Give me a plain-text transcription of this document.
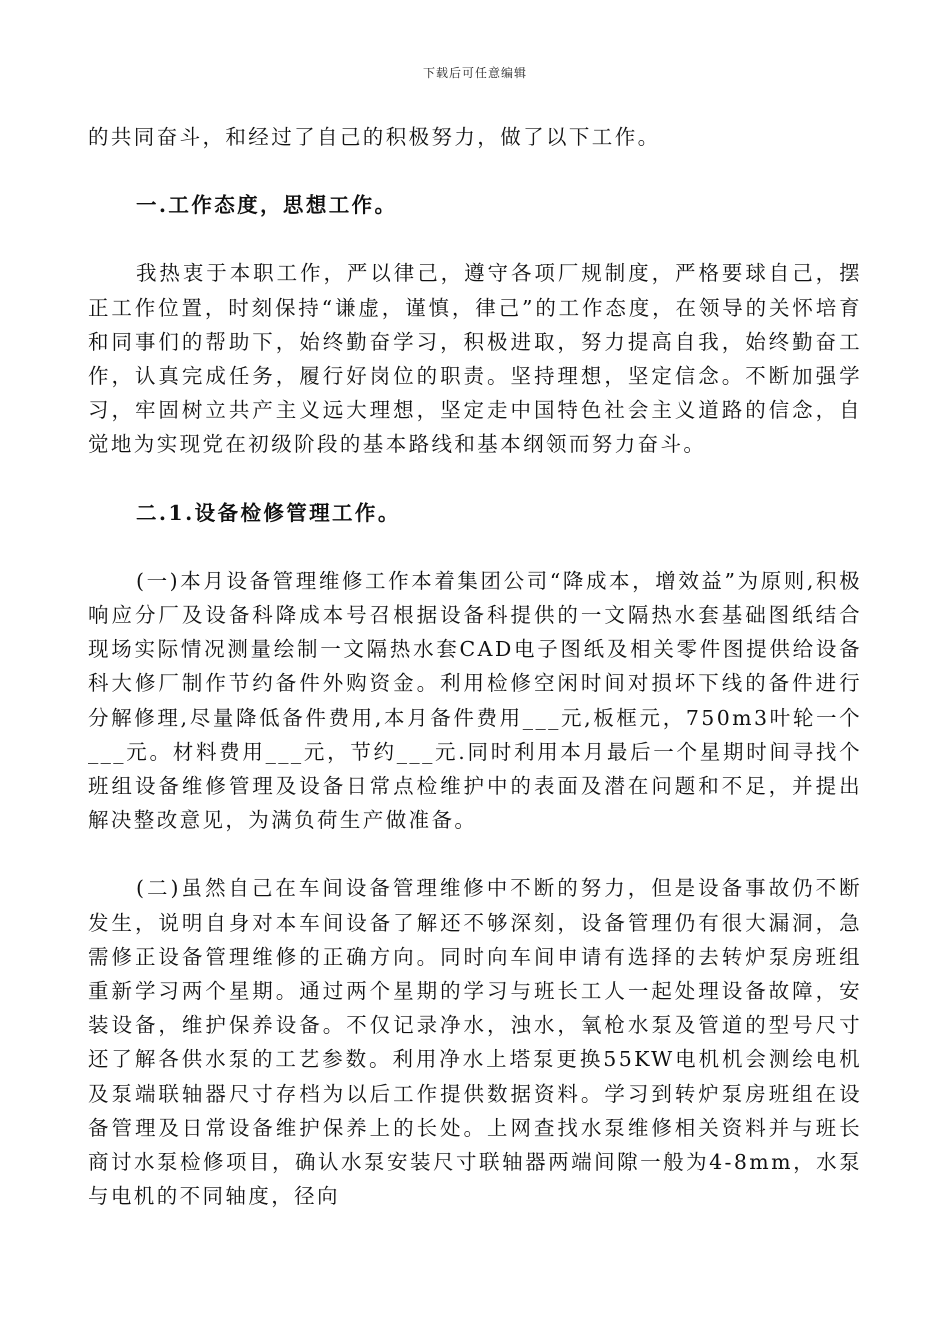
下载后可任意编辑

的共同奋斗，和经过了自己的积极努力，做了以下工作。

一.工作态度，思想工作。

我热衷于本职工作，严以律己，遵守各项厂规制度，严格要球自己，摆正工作位置，时刻保持“谦虚，谨慎，律己”的工作态度，在领导的关怀培育和同事们的帮助下，始终勤奋学习，积极进取，努力提高自我，始终勤奋工作，认真完成任务，履行好岗位的职责。坚持理想，坚定信念。不断加强学习，牢固树立共产主义远大理想，坚定走中国特色社会主义道路的信念，自觉地为实现党在初级阶段的基本路线和基本纲领而努力奋斗。

二.1.设备检修管理工作。

(一)本月设备管理维修工作本着集团公司“降成本，增效益”为原则,积极响应分厂及设备科降成本号召根据设备科提供的一文隔热水套基础图纸结合现场实际情况测量绘制一文隔热水套CAD电子图纸及相关零件图提供给设备科大修厂制作节约备件外购资金。利用检修空闲时间对损坏下线的备件进行分解修理,尽量降低备件费用,本月备件费用___元,板框元，750m3叶轮一个___元。材料费用___元，节约___元.同时利用本月最后一个星期时间寻找个班组设备维修管理及设备日常点检维护中的表面及潜在问题和不足，并提出解决整改意见，为满负荷生产做准备。

(二)虽然自己在车间设备管理维修中不断的努力，但是设备事故仍不断发生，说明自身对本车间设备了解还不够深刻，设备管理仍有很大漏洞，急需修正设备管理维修的正确方向。同时向车间申请有选择的去转炉泵房班组重新学习两个星期。通过两个星期的学习与班长工人一起处理设备故障，安装设备，维护保养设备。不仅记录净水，浊水，氧枪水泵及管道的型号尺寸还了解各供水泵的工艺参数。利用净水上塔泵更换55KW电机机会测绘电机及泵端联轴器尺寸存档为以后工作提供数据资料。学习到转炉泵房班组在设备管理及日常设备维护保养上的长处。上网查找水泵维修相关资料并与班长商讨水泵检修项目，确认水泵安装尺寸联轴器两端间隙一般为4-8mm，水泵与电机的不同轴度，径向
